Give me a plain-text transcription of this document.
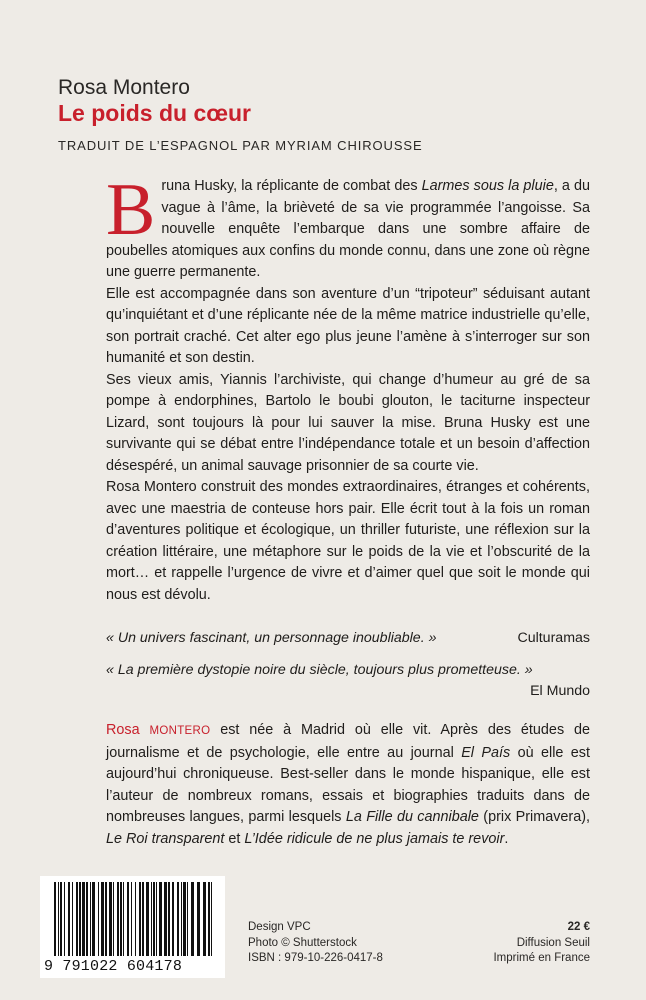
Rosa Montero
Le poids du cœur
TRADUIT DE L’ESPAGNOL PAR MYRIAM CHIROUSSE

Bruna Husky, la réplicante de combat des Larmes sous la pluie, a du vague à l’âme, la brièveté de sa vie programmée l’angoisse. Sa nouvelle enquête l’embarque dans une sombre affaire de poubelles atomiques aux confins du monde connu, dans une zone où règne une guerre permanente.

Elle est accompagnée dans son aventure d’un “tripoteur” séduisant autant qu’inquiétant et d’une réplicante née de la même matrice industrielle qu’elle, son portrait craché. Cet alter ego plus jeune l’amène à s’interroger sur son humanité et son destin.

Ses vieux amis, Yiannis l’archiviste, qui change d’humeur au gré de sa pompe à endorphines, Bartolo le boubi glouton, le taciturne inspecteur Lizard, sont toujours là pour lui sauver la mise. Bruna Husky est une survivante qui se débat entre l’indépendance totale et un besoin d’affection désespéré, un animal sauvage prisonnier de sa courte vie.

Rosa Montero construit des mondes extraordinaires, étranges et cohérents, avec une maestria de conteuse hors pair. Elle écrit tout à la fois un roman d’aventures politique et écologique, un thriller futuriste, une réflexion sur la création littéraire, une métaphore sur le poids de la vie et l’obscurité de la mort… et rappelle l’urgence de vivre et d’aimer quel que soit le monde qui nous est dévolu.

« Un univers fascinant, un personnage inoubliable. »	Culturamas
« La première dystopie noire du siècle, toujours plus prometteuse. »
El Mundo

Rosa MONTERO est née à Madrid où elle vit. Après des études de journalisme et de psychologie, elle entre au journal El País où elle est aujourd’hui chroniqueuse. Best-seller dans le monde hispanique, elle est l’auteur de nombreux romans, essais et biographies traduits dans de nombreuses langues, parmi lesquels La Fille du cannibale (prix Primavera), Le Roi transparent et L’Idée ridicule de ne plus jamais te revoir.

9 791022 604178
Design VPC
Photo © Shutterstock
ISBN : 979-10-226-0417-8
22 €
Diffusion Seuil
Imprimé en France
